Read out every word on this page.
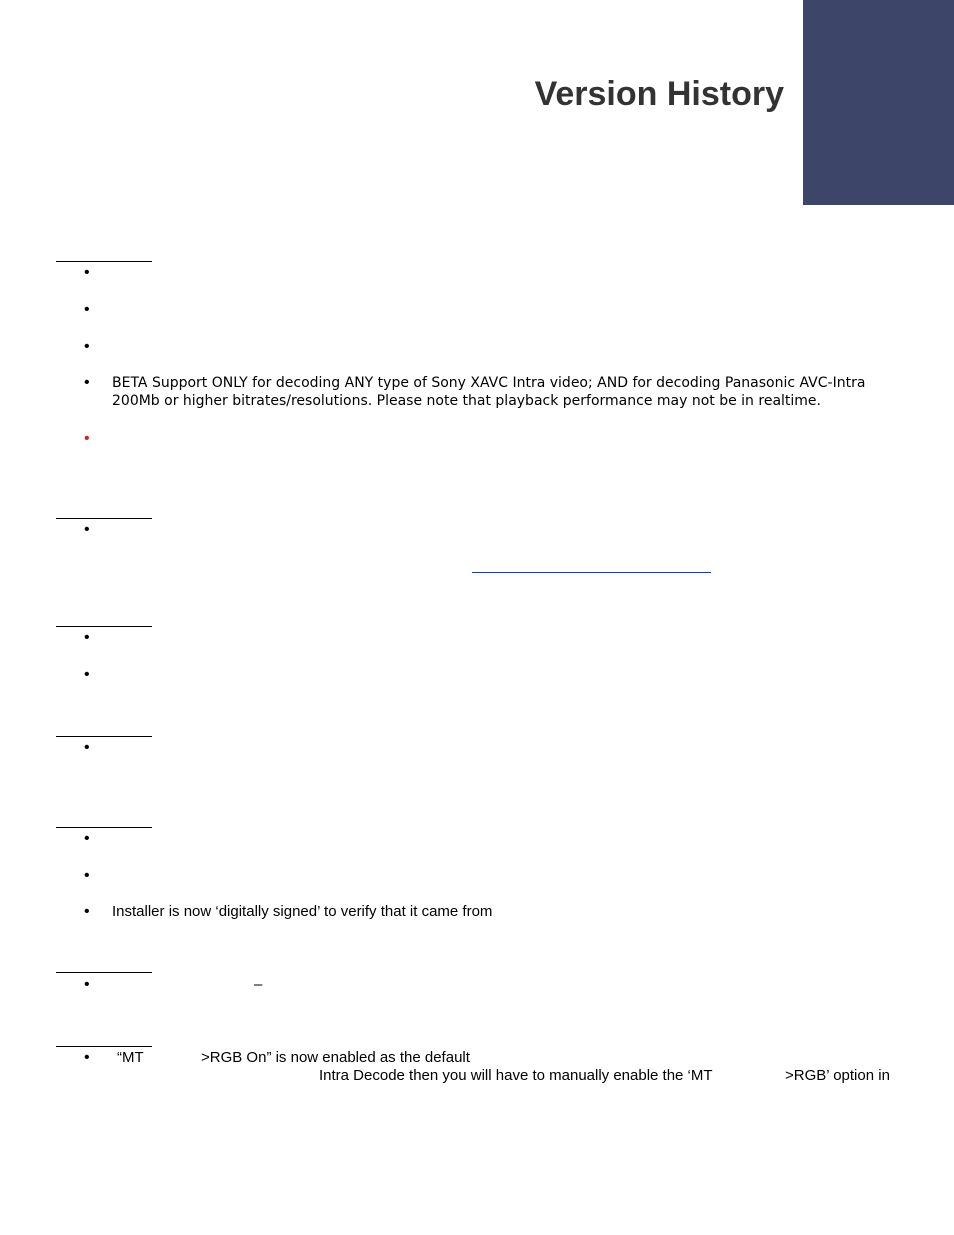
Version History
•
•
•
• BETA Support ONLY for decoding ANY type of Sony XAVC Intra video; AND for decoding Panasonic AVC-Intra 200Mb or higher bitrates/resolutions. Please note that playback performance may not be in realtime.
•
•
•
•
•
•
•
• Installer is now ‘digitally signed’ to verify that it came from
•	–
• “MT	>RGB On” is now enabled as the default
Intra Decode then you will have to manually enable the ‘MT	>RGB’ option in
